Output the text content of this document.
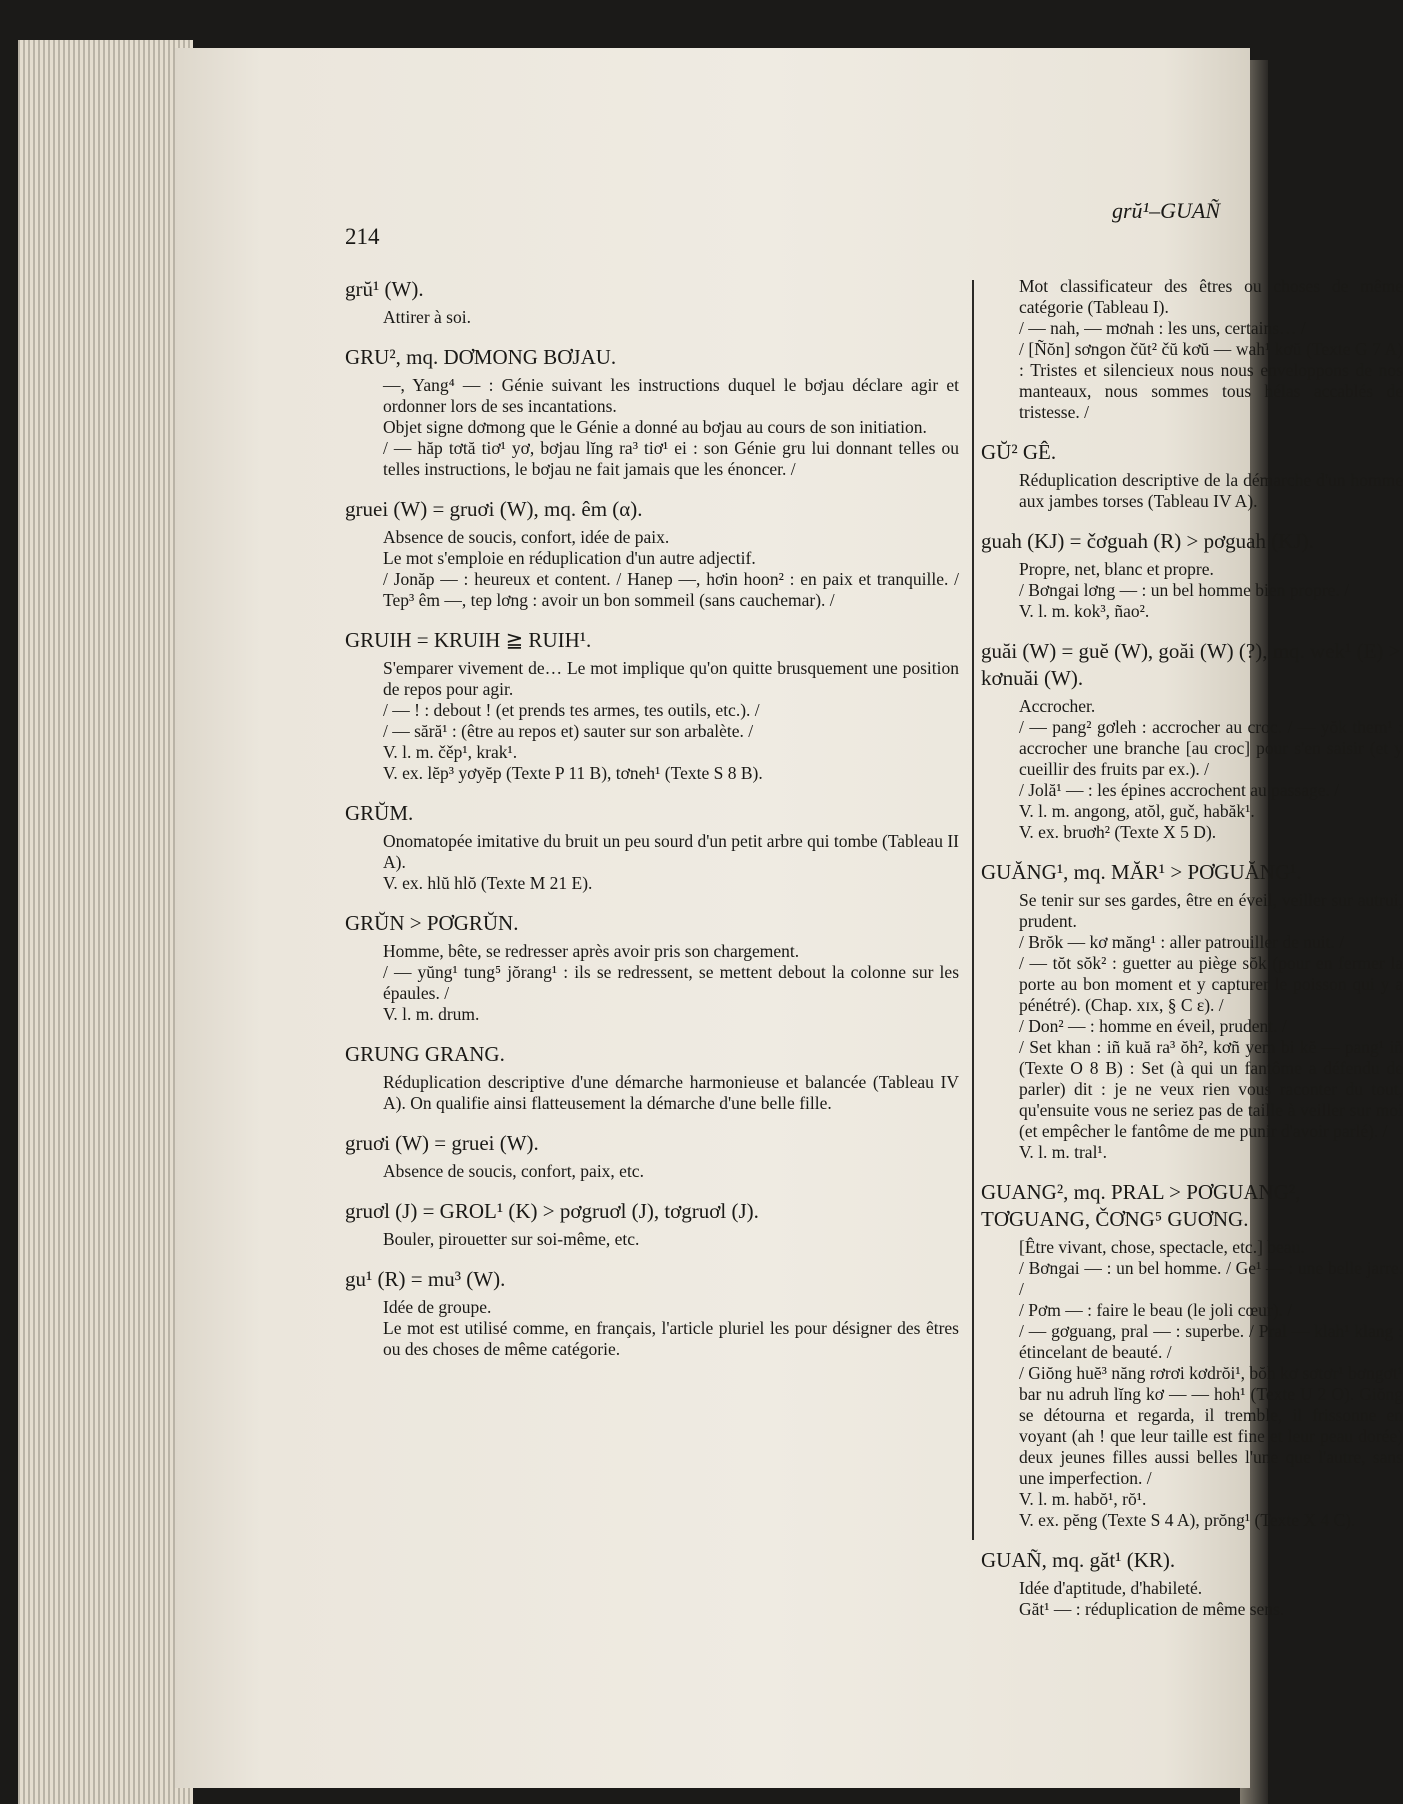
214

grŭ¹–GUAÑ
grŭ¹ (W).

Attirer à soi.

GRU², mq. DƠMONG BƠJAU.

—, Yang⁴ — : Génie suivant les instructions duquel le bơjau déclare agir et ordonner lors de ses incantations.

Objet signe dơmong que le Génie a donné au bơjau au cours de son initiation.

/ — hăp tơtă tiơ¹ yơ, bơjau lĭng ra³ tiơ¹ ei : son Génie gru lui donnant telles ou telles instructions, le bơjau ne fait jamais que les énoncer. /

gruei (W) = gruơi (W), mq. êm (α).

Absence de soucis, confort, idée de paix.

Le mot s'emploie en réduplication d'un autre adjectif.

/ Jonăp — : heureux et content. / Hanep —, hơin hoon² : en paix et tranquille. / Tep³ êm —, tep lơng : avoir un bon sommeil (sans cauchemar). /

GRUIH = KRUIH ≧ RUIH¹.

S'emparer vivement de… Le mot implique qu'on quitte brusquement une position de repos pour agir.

/ — ! : debout ! (et prends tes armes, tes outils, etc.). /

/ — sără¹ : (être au repos et) sauter sur son arbalète. /

V. l. m. čěp¹, krak¹.

V. ex. lĕp³ yơyĕp (Texte P 11 B), tơneh¹ (Texte S 8 B).

GRŬM.

Onomatopée imitative du bruit un peu sourd d'un petit arbre qui tombe (Tableau II A).

V. ex. hlŭ hlŏ (Texte M 21 E).

GRŬN > PƠGRŬN.

Homme, bête, se redresser après avoir pris son chargement.

/ — yŭng¹ tung⁵ jŏrang¹ : ils se redressent, se mettent debout la colonne sur les épaules. /

V. l. m. drum.

GRUNG GRANG.

Réduplication descriptive d'une démarche harmonieuse et balancée (Tableau IV A). On qualifie ainsi flatteusement la démarche d'une belle fille.

gruơi (W) = gruei (W).

Absence de soucis, confort, paix, etc.

gruơl (J) = GROL¹ (K) > pơgruơl (J), tơgruơl (J).

Bouler, pirouetter sur soi-même, etc.

gu¹ (R) = mu³ (W).

Idée de groupe.

Le mot est utilisé comme, en français, l'article pluriel les pour désigner des êtres ou des choses de même catégorie.

Mot classificateur des êtres ou choses de même catégorie (Tableau I).

/ — nah, — mơnah : les uns, certains… /

/ [Ñŏn] sơngon čŭt² čŭ kơŭ — wah¹ kơŭ (Texte G 7 A) : Tristes et silencieux nous nous enveloppons de nos manteaux, nous sommes tous hélas accablés de tristesse. /

GŬ² GÊ.

Réduplication descriptive de la démarche d'un homme aux jambes torses (Tableau IV A).

guah (KJ) = čơguah (R) > pơguah (KJ).

Propre, net, blanc et propre.

/ Bơngai lơng — : un bel homme bien propre. /

V. l. m. kok³, ñao².

guăi (W) = guĕ (W), goăi (W) (?), mq. wek¹ (E) > kơnuăi (W).

Accrocher.

/ — pang² gơleh : accrocher au croc. / — yŏk them¹ : accrocher une branche [au croc] pour s'en saisir (et y cueillir des fruits par ex.). /

/ Jolă¹ — : les épines accrochent au passage. /

V. l. m. angong, atŏl, guč, habăk¹.

V. ex. bruơh² (Texte X 5 D).

GUĂNG¹, mq. MĂR¹ > PƠGUĂNG¹.

Se tenir sur ses gardes, être en éveil, veiller sur autrui, prudent.

/ Brŏk — kơ măng¹ : aller patrouiller de nuit. /

/ — tŏt sŏk² : guetter au piège sŏk (pour en fermer la porte au bon moment et y capturer le poisson qui y a pénétré). (Chap. xɪx, § C ε). /

/ Don² — : homme en éveil, prudent. /

/ Set khan : iñ kuă ra³ ŏh², kơñ yem bi kĕ — pang¹ iñ (Texte O 8 B) : Set (à qui un fantôme a défendu de parler) dit : je ne veux rien vous raconter du tout, qu'ensuite vous ne seriez pas de taille à veiller sur moi (et empêcher le fantôme de me punir d'avoir parlé). /

V. l. m. tral¹.

GUANG², mq. PRAL > PƠGUANG², TƠGUANG, ČƠNG⁵ GUƠNG.

[Être vivant, chose, spectacle, etc.] beau.

/ Bơngai — : un bel homme. / Ge¹ — : une belle jarre. /

/ Pơm — : faire le beau (le joli cœur). /

/ — gơguang, pral — : superbe. / Pral — klah¹ klang : étincelant de beauté. /

/ Giŏng huĕ³ năng rơrơi kơdrŏi¹, bŏh kơ sơtơr¹ bơngơt¹ bar nu adruh lĭng kơ — — hoh¹ (Texte U 2 O). Giŏng se détourna et regarda, il tremble, il frissonne en voyant (ah ! que leur taille est fine et leur peau dorée) deux jeunes filles aussi belles l'une que l'autre, sans une imperfection. /

V. l. m. habŏ¹, rŏ¹.

V. ex. pĕng (Texte S 4 A), prŏng¹ (Texte X 4 C).

GUAÑ, mq. găt¹ (KR).

Idée d'aptitude, d'habileté.

Găt¹ — : réduplication de même sens.
